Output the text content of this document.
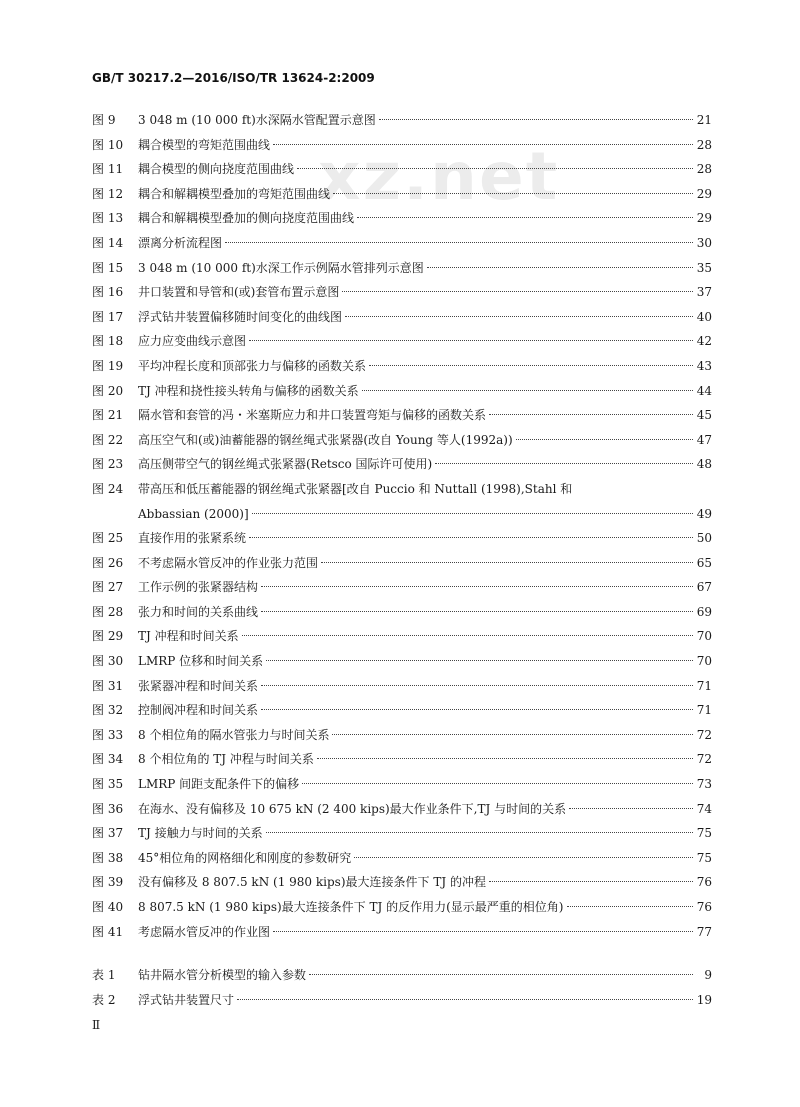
GB/T 30217.2—2016/ISO/TR 13624-2:2009
xz.net
图 9 3 048 m (10 000 ft)水深隔水管配置示意图	21
图 10 耦合模型的弯矩范围曲线	28
图 11 耦合模型的侧向挠度范围曲线	28
图 12 耦合和解耦模型叠加的弯矩范围曲线	29
图 13 耦合和解耦模型叠加的侧向挠度范围曲线	29
图 14 漂离分析流程图	30
图 15 3 048 m (10 000 ft)水深工作示例隔水管排列示意图	35
图 16 井口装置和导管和(或)套管布置示意图	37
图 17 浮式钻井装置偏移随时间变化的曲线图	40
图 18 应力应变曲线示意图	42
图 19 平均冲程长度和顶部张力与偏移的函数关系	43
图 20 TJ 冲程和挠性接头转角与偏移的函数关系	44
图 21 隔水管和套管的冯・米塞斯应力和井口装置弯矩与偏移的函数关系	45
图 22 高压空气和(或)油蓄能器的钢丝绳式张紧器(改自 Young 等人(1992a))	47
图 23 高压侧带空气的钢丝绳式张紧器(Retsco 国际许可使用)	48
图 24 带高压和低压蓄能器的钢丝绳式张紧器[改自 Puccio 和 Nuttall (1998),Stahl 和
Abbassian (2000)]	49
图 25 直接作用的张紧系统	50
图 26 不考虑隔水管反冲的作业张力范围	65
图 27 工作示例的张紧器结构	67
图 28 张力和时间的关系曲线	69
图 29 TJ 冲程和时间关系	70
图 30 LMRP 位移和时间关系	70
图 31 张紧器冲程和时间关系	71
图 32 控制阀冲程和时间关系	71
图 33 8 个相位角的隔水管张力与时间关系	72
图 34 8 个相位角的 TJ 冲程与时间关系	72
图 35 LMRP 间距支配条件下的偏移	73
图 36 在海水、没有偏移及 10 675 kN (2 400 kips)最大作业条件下,TJ 与时间的关系	74
图 37 TJ 接触力与时间的关系	75
图 38 45°相位角的网格细化和刚度的参数研究	75
图 39 没有偏移及 8 807.5 kN (1 980 kips)最大连接条件下 TJ 的冲程	76
图 40 8 807.5 kN (1 980 kips)最大连接条件下 TJ 的反作用力(显示最严重的相位角)	76
图 41 考虑隔水管反冲的作业图	77
表 1 钻井隔水管分析模型的输入参数	9
表 2 浮式钻井装置尺寸	19
Ⅱ
